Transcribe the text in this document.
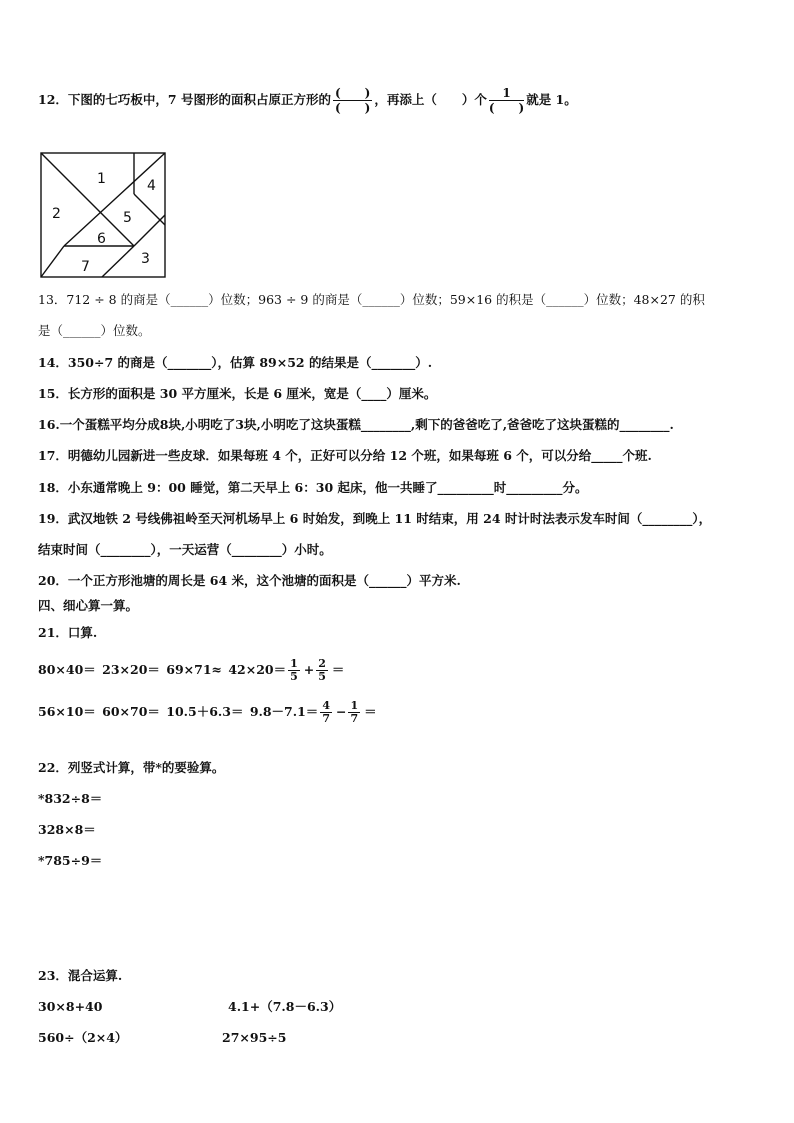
12．下图的七巧板中，7 号图形的面积占原正方形的 $\frac{( )}{( )}$ ，再添上（　　）个 $\frac{1}{( )}$ 就是 1。
1
2
3
4
5
6
7
13．712 ÷ 8 的商是（______）位数；963 ÷ 9 的商是（______）位数；59×16 的积是（______）位数；48×27 的积
是（______）位数。
14．350÷7 的商是（_______），估算 89×52 的结果是（_______）.
15．长方形的面积是 30 平方厘米，长是 6 厘米，宽是（____）厘米。
16.一个蛋糕平均分成8块,小明吃了3块,小明吃了这块蛋糕________,剩下的爸爸吃了,爸爸吃了这块蛋糕的________.
17．明德幼儿园新进一些皮球．如果每班 4 个，正好可以分给 12 个班，如果每班 6 个，可以分给_____个班.
18．小东通常晚上 9：00 睡觉，第二天早上 6：30 起床，他一共睡了_________时_________分。
19．武汉地铁 2 号线佛祖岭至天河机场早上 6 时始发，到晚上 11 时结束，用 24 时计时法表示发车时间（________），
结束时间（________），一天运营（________）小时。
20．一个正方形池塘的周长是 64 米，这个池塘的面积是（______）平方米.
四、细心算一算。
21．口算.
$80\times 40= 23\times 20= 69\times 71\approx 42\times 20= \frac{1}{5} + \frac{2}{5}$ ＝
$56\times 10= 60\times 70= 10.5+6.3= 9.8-7.1= \frac{4}{7} - \frac{1}{7}$ ＝
22．列竖式计算，带*的要验算。
*832÷8＝
328×8＝
*785÷9＝
23．混合运算.
30×8+40	4.1+（7.8－6.3）
560÷（2×4）	27×95÷5
